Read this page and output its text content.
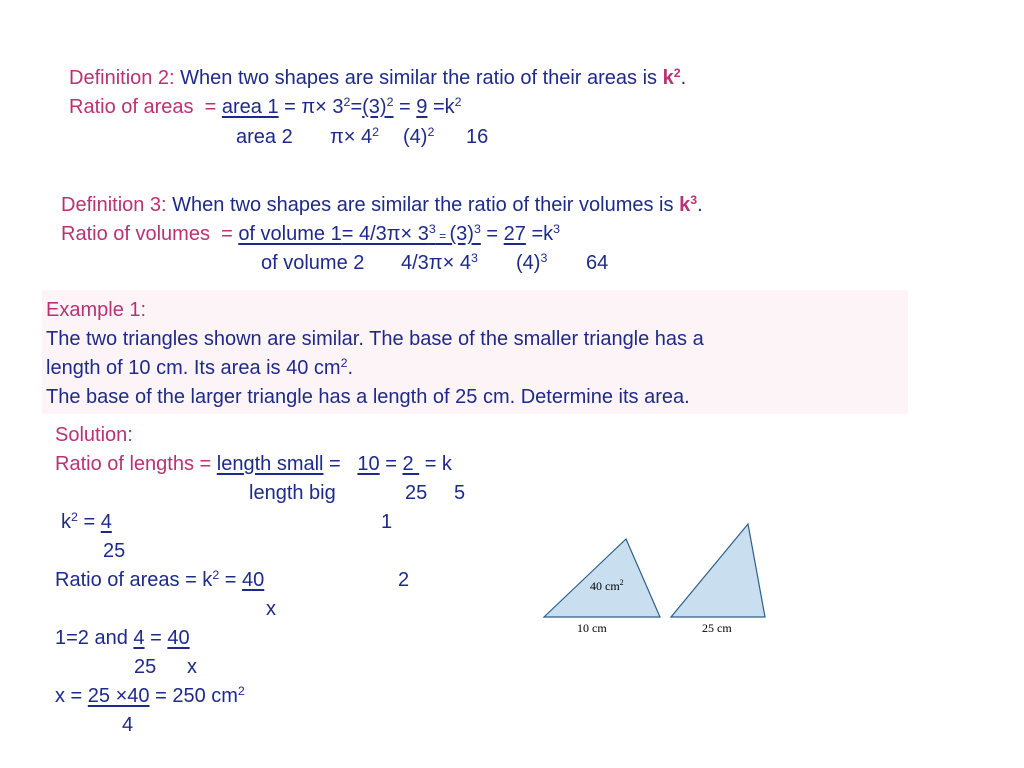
Definition 2: When two shapes are similar the ratio of their areas is $k^2$.
Ratio of areas  = area $1 = \pi\times 3^2=(3)^2 = 9 =k^2$
area 2 $\pi\times 4^2$ $(4)^2$ 16
Definition 3: When two shapes are similar the ratio of their volumes is $k^3$.
Ratio of volumes  = of volume $1= 4/3\pi\times 3^3 = (3)^3 = 27 =k^3$
of volume 2 $4/3\pi\times 4^3$ $(4)^3$ 64
Example 1:
The two triangles shown are similar. The base of the smaller triangle has a
length of 10 cm. Its area is 40 $cm^2$.
The base of the larger triangle has a length of 25 cm. Determine its area.
Solution:
Ratio of lengths = length small =   10 = 2  = k
length big	25 5
$k^2 = 4$	1
25
Ratio of areas = $k^2 = 40$	2
x
1=2 and 4 = 40
25 x
x = 25 ×40 = 250 $cm^2$
4
40 $cm^2$
10 cm	25 cm
